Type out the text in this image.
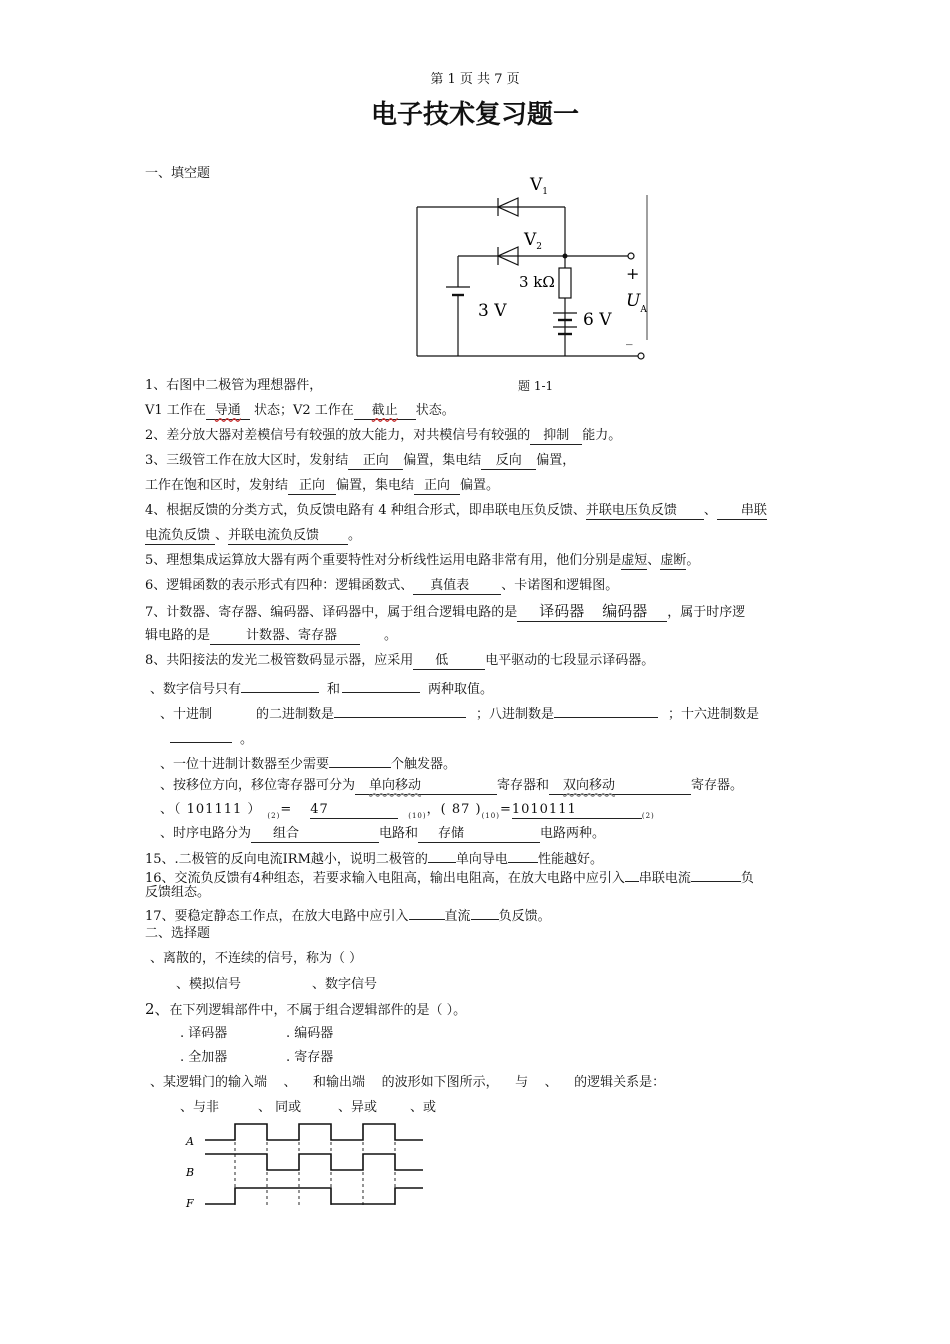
第 1 页 共 7 页
电子技术复习题一
一、填空题
$V_1$
$V_2$
3 kΩ
3 V	6 V
+
$U_A$
_
1、右图中二极管为理想器件，	题 1-1
V1 工作在 导通 状态；V2 工作在 截止 状态。
2、差分放大器对差模信号有较强的放大能力，对共模信号有较强的 抑制 能力。
3、三级管工作在放大区时，发射结 正向 偏置，集电结 反向 偏置，
工作在饱和区时，发射结 正向 偏置，集电结 正向 偏置。
4、根据反馈的分类方式，负反馈电路有 4 种组合形式，即串联电压负反馈、并联电压负反馈 、 串联
电流负反馈 、并联电流负反馈 。
5、理想集成运算放大器有两个重要特性对分析线性运用电路非常有用，他们分别是虚短、虚断。
6、逻辑函数的表示形式有四种：逻辑函数式、 真值表 、卡诺图和逻辑图。
7、计数器、寄存器、编码器、译码器中，属于组合逻辑电路的是 译码器 编码器 ，属于时序逻
辑电路的是	计数器、寄存器	。
8、共阳接法的发光二极管数码显示器，应采用 低	电平驱动的七段显示译码器。
、数字信号只有	和	两种取值。
、十进制	的二进制数是	；八进制数是	；十六进制数是
。
、一位十进制计数器至少需要	个触发器。
、按移位方向，移位寄存器可分为 单向移动	寄存器和 双向移动	寄存器。
、（ 101111 ） $_{(2)}$= 47	$_{(10)}$，( 87 )$_{(10)}=1010111$	$_{(2)}$
、时序电路分为 组合	电路和 存储	电路两种。
15、.二极管的反向电流IRM越小，说明二极管的 单向导电 性能越好。
16、交流负反馈有4种组态，若要求输入电阻高，输出电阻高，在放大电路中应引入 串联电流	负
反馈组态。
17、要稳定静态工作点，在放大电路中应引入	直流 负反馈。
二、选择题
、离散的，不连续的信号，称为（ ）
、模拟信号	、数字信号
2、在下列逻辑部件中，不属于组合逻辑部件的是（ ）。
. 译码器	. 编码器
. 全加器	. 寄存器
、某逻辑门的输入端    、    和输出端    的波形如下图所示，    与    、    的逻辑关系是：
、与非	、 同或	、异或	、或
A
B
F
